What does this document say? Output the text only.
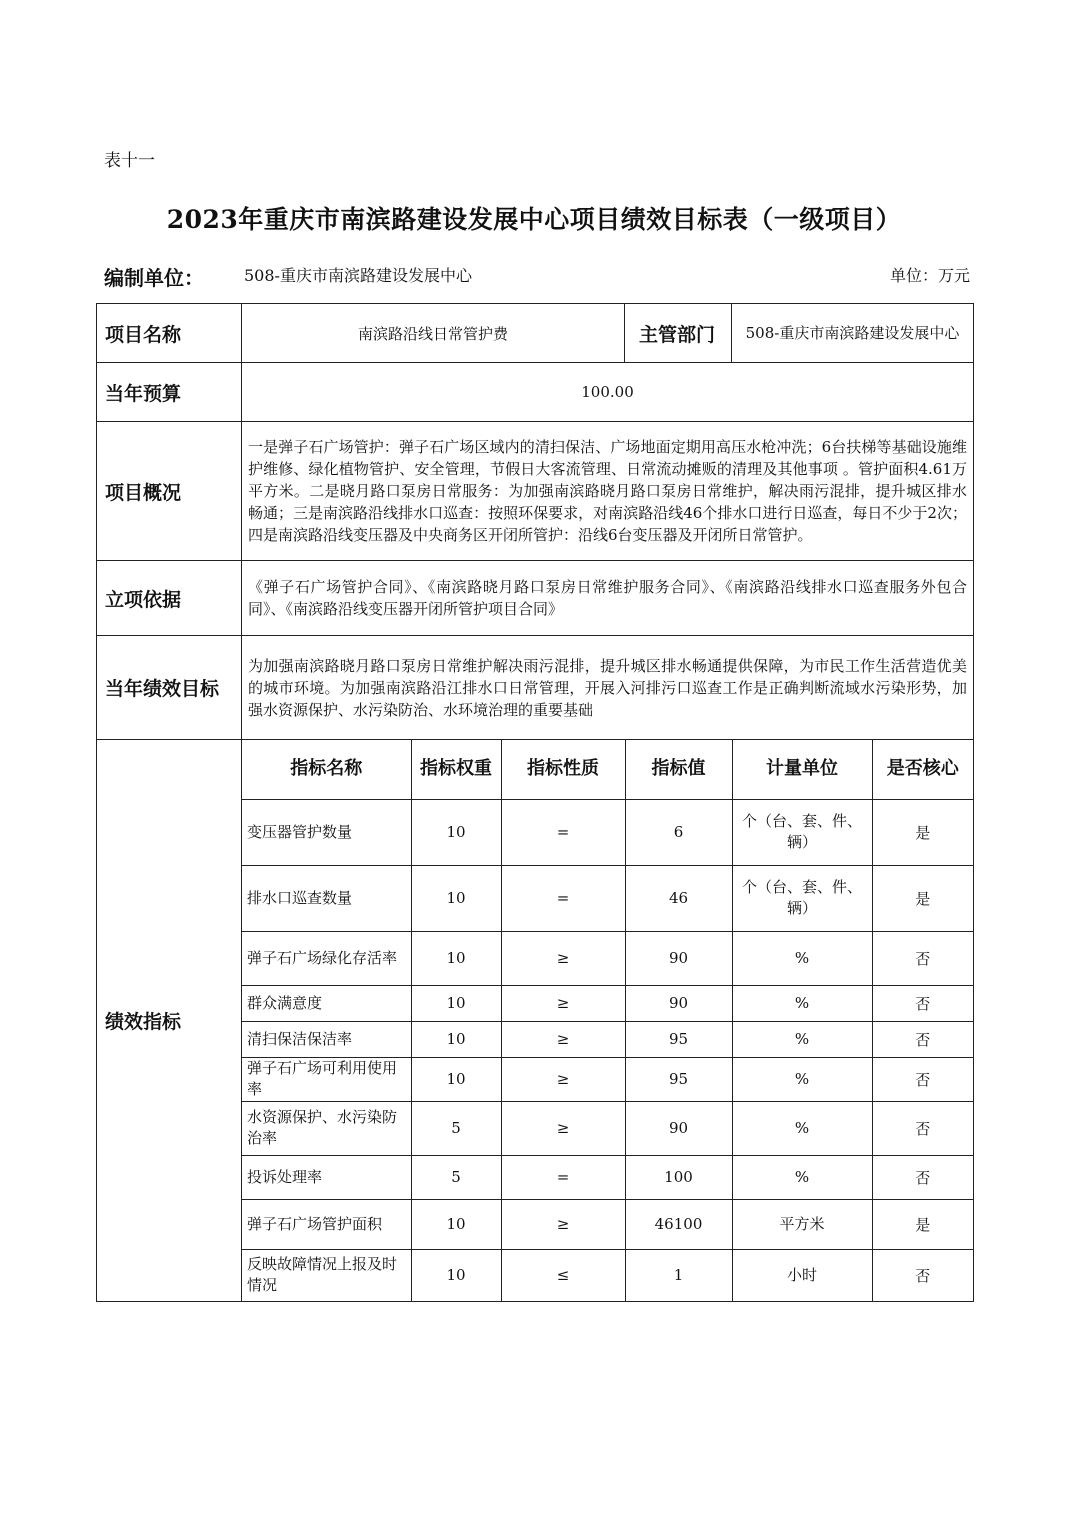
表十一
2023年重庆市南滨路建设发展中心项目绩效目标表（一级项目）
编制单位：	508-重庆市南滨路建设发展中心	单位：万元
项目名称	南滨路沿线日常管护费	主管部门	508-重庆市南滨路建设发展中心
当年预算	100.00
项目概况	一是弹子石广场管护：弹子石广场区域内的清扫保洁、广场地面定期用高压水枪冲洗；6台扶梯等基础设施维护维修、绿化植物管护、安全管理，节假日大客流管理、日常流动摊贩的清理及其他事项 。管护面积4.61万平方米。二是晓月路口泵房日常服务：为加强南滨路晓月路口泵房日常维护，解决雨污混排，提升城区排水畅通；三是南滨路沿线排水口巡查：按照环保要求，对南滨路沿线46个排水口进行日巡查，每日不少于2次；四是南滨路沿线变压器及中央商务区开闭所管护：沿线6台变压器及开闭所日常管护。
立项依据	《弹子石广场管护合同》、《南滨路晓月路口泵房日常维护服务合同》、《南滨路沿线排水口巡查服务外包合同》、《南滨路沿线变压器开闭所管护项目合同》
当年绩效目标	为加强南滨路晓月路口泵房日常维护解决雨污混排，提升城区排水畅通提供保障，为市民工作生活营造优美的城市环境。为加强南滨路沿江排水口日常管理，开展入河排污口巡查工作是正确判断流域水污染形势，加强水资源保护、水污染防治、水环境治理的重要基础
绩效指标	
指标名称	指标权重	指标性质	指标值	计量单位	是否核心
变压器管护数量	10	=	6	个（台、套、件、辆）	是
排水口巡查数量	10	=	46	个（台、套、件、辆）	是
弹子石广场绿化存活率	10	≥	90	%	否
群众满意度	10	≥	90	%	否
清扫保洁保洁率	10	≥	95	%	否
弹子石广场可利用使用率	10	≥	95	%	否
水资源保护、水污染防治率	5	≥	90	%	否
投诉处理率	5	=	100	%	否
弹子石广场管护面积	10	≥	46100	平方米	是
反映故障情况上报及时情况	10	≤	1	小时	否
